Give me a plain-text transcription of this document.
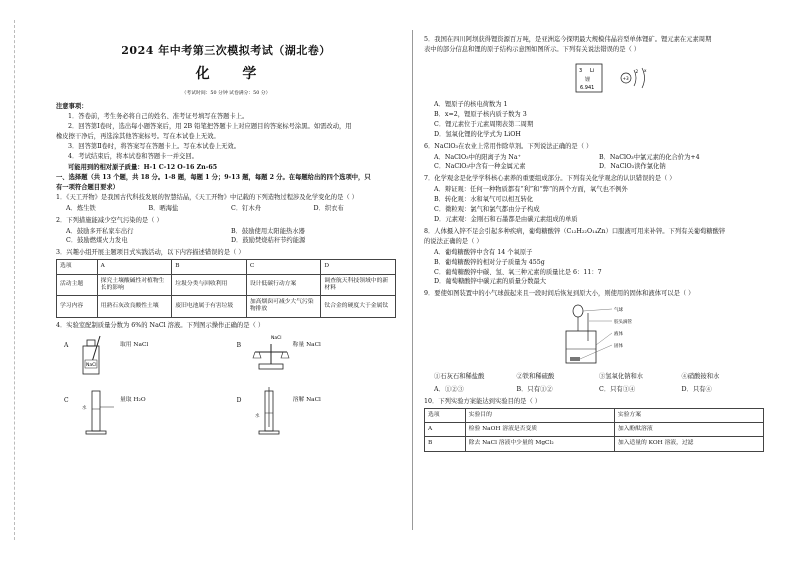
2024 年中考第三次模拟考试（湖北卷）
化 学
（考试时间：50 分钟 试卷满分：50 分）
注意事项：
1．答卷前，考生务必将自己的姓名、准考证号填写在答题卡上。
2．回答第Ⅰ卷时，选出每小题答案后，用 2B 铅笔把答题卡上对应题目的答案标号涂黑。如需改动，用
橡皮擦干净后，再选涂其他答案标号。写在本试卷上无效。
3．回答第Ⅱ卷时，将答案写在答题卡上。写在本试卷上无效。
4．考试结束后，将本试卷和答题卡一并交回。
可能用到的相对原子质量：H-1 C-12 O-16 Zn-65
一、选择题（共 13 个题，共 18 分。1-8 题，每题 1 分；9-13 题，每题 2 分。在每题给出的四个选项中，只
有一项符合题目要求）
1．《天工开物》是我国古代科技发展的智慧结晶，《天工开物》中记载的下列造物过程涉及化学变化的是（ ）
A．炼生铁	B．晒海盐	C．钉木舟	D．织衣布
2．下列措施能减少空气污染的是（ ）
A．鼓励多开私家车出行	B．鼓励使用太阳能热水器
C．鼓励燃煤火力发电	D．鼓励焚烧秸秆节约能源
3．兴趣小组开展主题项目式实践活动，以下内容描述错误的是（ ）
选项	A	B	C	D
活动主题	探究土壤酸碱性对植物生长的影响	垃圾分类与回收利用	设计低碳行动方案	调查航天科技领域中的新材料
学习内容	用熟石灰改良酸性土壤	废旧电池属于有害垃圾	加高烟囱可减少大气污染物排放	钛合金的硬度大于金属钛
4．实验室配制质量分数为 6%的 NaCl 溶液。下列图示操作正确的是（ ）
A
NaCl
取用 NaCl	B
NaCl
称量 NaCl
C
水
量取 H₂O	D
水
溶解 NaCl
5．我国在四川阿坝获得锂资源百万吨，是亚洲迄今探明最大规模伟晶岩型单体锂矿。锂元素在元素周期
表中的部分信息和锂的原子结构示意图如图所示。下列有关说法错误的是（ ）
3 Li
锂
6.941
+3
2 x
A．锂原子的核电荷数为 1
B．x=2，锂原子核内质子数为 3
C．锂元素位于元素周期表第二周期
D．氢氧化锂的化学式为 LiOH
6．NaClO₃在农业上常用作除草剂。下列说法正确的是（ ）
A．NaClO₃中的阳离子为 Na⁺	B．NaClO₃中氯元素的化合价为+4
C．NaClO₃中含有一种金属元素	D．NaClO₃读作氯化钠
7．化学观念是化学学科核心素养的重要组成部分。下列有关化学观念的认识错误的是（ ）
A．辩证观：任何一种物质都有“利”和“弊”的两个方面，氧气也不例外
B．转化观：水和氧气可以相互转化
C．微粒观：氯气和氯气都由分子构成
D．元素观：金刚石和石墨都是由碳元素组成的单质
8．人体摄入锌不足会引起多种疾病，葡萄糖酸锌（C₁₂H₂₂O₁₄Zn）口服液可用来补锌。下列有关葡萄糖酸锌
的说法正确的是（ ）
A．葡萄糖酸锌中含有 14 个氧原子
B．葡萄糖酸锌的相对分子质量为 455g
C．葡萄糖酸锌中碳、氢、氧三种元素的质量比是 6：11：7
D．葡萄糖酸锌中碳元素的质量分数最大
9．要使如图装置中的小气球鼓起来且一段时间后恢复到原大小，则使用的固体和液体可以是（ ）
气球
胶头滴管
液体
固体
①石灰石和稀盐酸	②铁和稀硫酸	③氢氧化钠和水	④硝酸铵和水
A．①②③	B．只有①②	C．只有③④	D．只有④
10．下列实验方案能达到实验目的是（ ）
选项	实验目的	实验方案
A	检验 NaOH 溶液是否变质	加入酚酞溶液
B	除去 NaCl 溶液中少量的 MgCl₂	加入适量的 KOH 溶液，过滤
